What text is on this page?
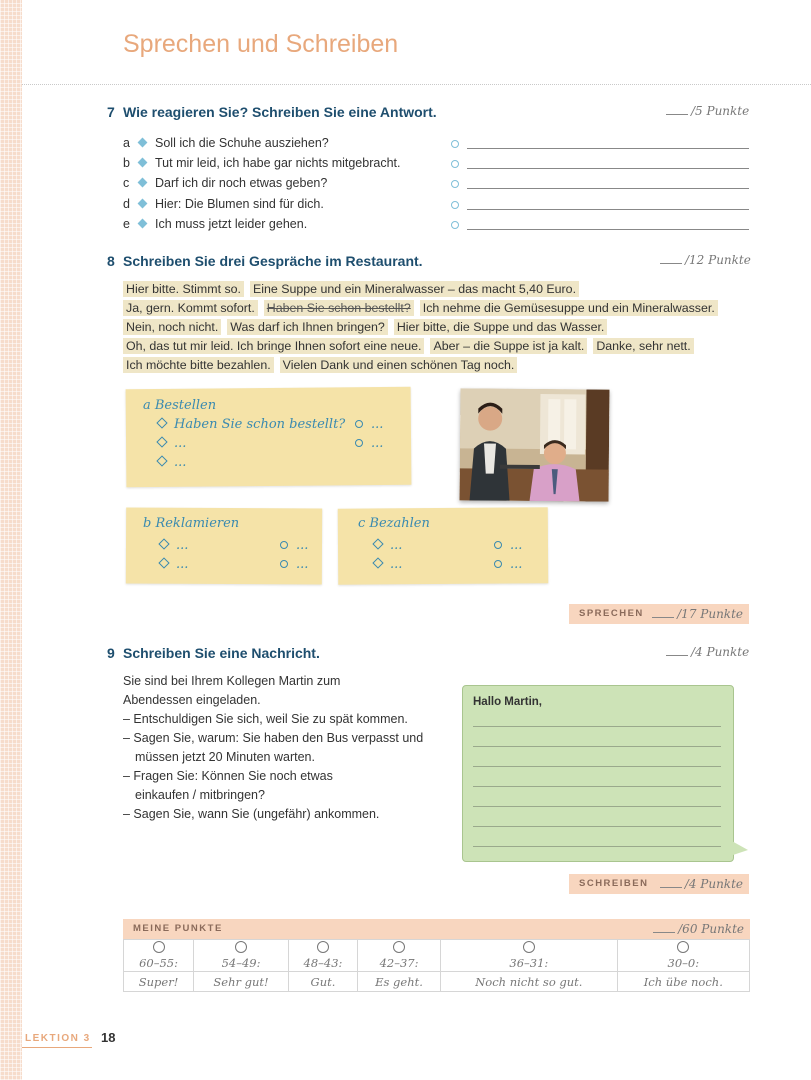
Sprechen und Schreiben
7 Wie reagieren Sie? Schreiben Sie eine Antwort.	/5 Punkte
a Soll ich die Schuhe ausziehen?
b Tut mir leid, ich habe gar nichts mitgebracht.
c Darf ich dir noch etwas geben?
d Hier: Die Blumen sind für dich.
e Ich muss jetzt leider gehen.
8 Schreiben Sie drei Gespräche im Restaurant.	/12 Punkte
Hier bitte. Stimmt so. Eine Suppe und ein Mineralwasser – das macht 5,40 Euro.
Ja, gern. Kommt sofort. Haben Sie schon bestellt? Ich nehme die Gemüsesuppe und ein Mineralwasser.
Nein, noch nicht. Was darf ich Ihnen bringen? Hier bitte, die Suppe und das Wasser.
Oh, das tut mir leid. Ich bringe Ihnen sofort eine neue. Aber – die Suppe ist ja kalt. Danke, sehr nett.
Ich möchte bitte bezahlen. Vielen Dank und einen schönen Tag noch.
a Bestellen
Haben Sie schon bestellt?
...
...
...
...
b Reklamieren
...
...
...
...
c Bezahlen
...
...
...
...
SPRECHEN	/17 Punkte
9 Schreiben Sie eine Nachricht.	/4 Punkte
Sie sind bei Ihrem Kollegen Martin zum
Abendessen eingeladen.
– Entschuldigen Sie sich, weil Sie zu spät kommen.
– Sagen Sie, warum: Sie haben den Bus verpasst und
müssen jetzt 20 Minuten warten.
– Fragen Sie: Können Sie noch etwas
einkaufen / mitbringen?
– Sagen Sie, wann Sie (ungefähr) ankommen.
Hallo Martin,
SCHREIBEN	/4 Punkte
MEINE PUNKTE	/60 Punkte

60–55:	54–49:	48–43:	42–37:	36–31:	30–0:
Super!	Sehr gut!	Gut.	Es geht.	Noch nicht so gut.	Ich übe noch.
LEKTION 3 18
